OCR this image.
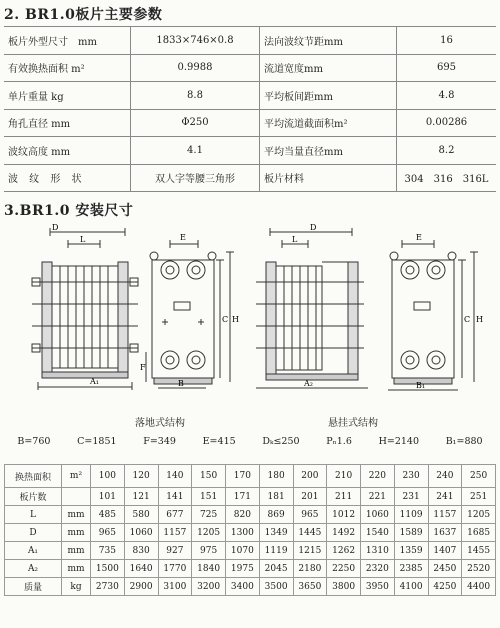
2. BR1.0板片主要参数
板片外型尺寸　mm	1833×746×0.8	法向波纹节距mm	16
有效换热面积 m²	0.9988	流道宽度mm	695
单片重量 kg	8.8	平均板间距mm	4.8
角孔直径 mm	Φ250	平均流道截面积m²	0.00286
波纹高度 mm	4.1	平均当量直径mm	8.2
波 纹 形 状	双人字等腰三角形	板片材料	304　316　316L
3.BR1.0 安装尺寸
D
L
A₁
E
C H
F
B
D
L
A₂
E
C H
B₁
落地式结构	悬挂式结构
B=760	C=1851	F=349	E=415	Dₖ≤250	Pₙ1.6	H=2140	B₁=880
换热面积	m²	100	120	140	150	170	180	200	210	220	230	240	250
板片数		101	121	141	151	171	181	201	211	221	231	241	251
L	mm	485	580	677	725	820	869	965	1012	1060	1109	1157	1205
D	mm	965	1060	1157	1205	1300	1349	1445	1492	1540	1589	1637	1685
A₁	mm	735	830	927	975	1070	1119	1215	1262	1310	1359	1407	1455
A₂	mm	1500	1640	1770	1840	1975	2045	2180	2250	2320	2385	2450	2520
质量	kg	2730	2900	3100	3200	3400	3500	3650	3800	3950	4100	4250	4400
